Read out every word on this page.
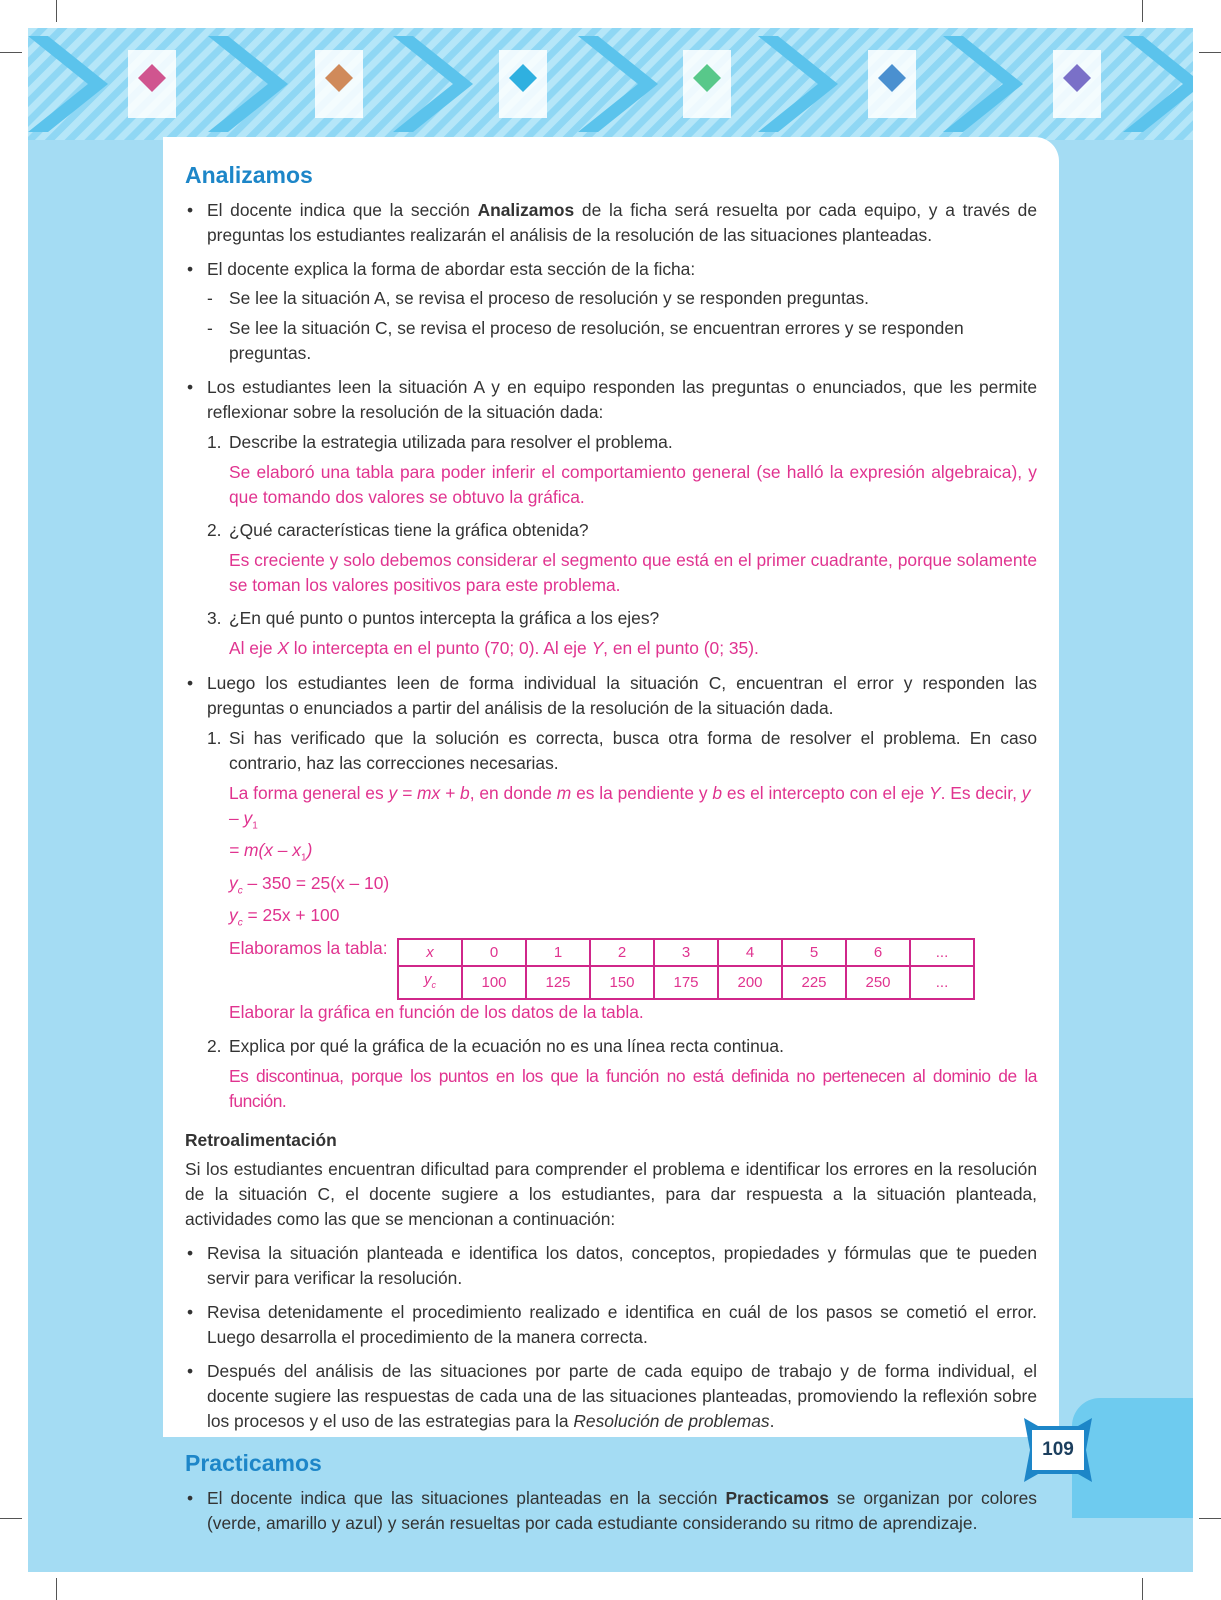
Analizamos

• El docente indica que la sección Analizamos de la ficha será resuelta por cada equipo, y a través de preguntas los estudiantes realizarán el análisis de la resolución de las situaciones planteadas.

• El docente explica la forma de abordar esta sección de la ficha:

- Se lee la situación A, se revisa el proceso de resolución y se responden preguntas.

- Se lee la situación C, se revisa el proceso de resolución, se encuentran errores y se responden preguntas.

• Los estudiantes leen la situación A y en equipo responden las preguntas o enunciados, que les permite reflexionar sobre la resolución de la situación dada:

1. Describe la estrategia utilizada para resolver el problema.

Se elaboró una tabla para poder inferir el comportamiento general (se halló la expresión algebraica), y que tomando dos valores se obtuvo la gráfica.

2. ¿Qué características tiene la gráfica obtenida?

Es creciente y solo debemos considerar el segmento que está en el primer cuadrante, porque solamente se toman los valores positivos para este problema.

3. ¿En qué punto o puntos intercepta la gráfica a los ejes?

Al eje X lo intercepta en el punto (70; 0). Al eje Y, en el punto (0; 35).

• Luego los estudiantes leen de forma individual la situación C, encuentran el error y responden las preguntas o enunciados a partir del análisis de la resolución de la situación dada.

1. Si has verificado que la solución es correcta, busca otra forma de resolver el problema. En caso contrario, haz las correcciones necesarias.

La forma general es y = mx + b, en donde m es la pendiente y b es el intercepto con el eje Y. Es decir, y – $y_1$

= $m(x - x_1)$

$y_c - 350 = 25(x - 10)$

$y_c = 25x + 100$

Elaboramos la tabla:	x	0	1	2	3	4	5	6	...
$y_c$	100	125	150	175	200	225	250	...

Elaborar la gráfica en función de los datos de la tabla.

2. Explica por qué la gráfica de la ecuación no es una línea recta continua.

Es discontinua, porque los puntos en los que la función no está definida no pertenecen al dominio de la función.

Retroalimentación

Si los estudiantes encuentran dificultad para comprender el problema e identificar los errores en la resolución de la situación C, el docente sugiere a los estudiantes, para dar respuesta a la situación planteada, actividades como las que se mencionan a continuación:

• Revisa la situación planteada e identifica los datos, conceptos, propiedades y fórmulas que te pueden servir para verificar la resolución.

• Revisa detenidamente el procedimiento realizado e identifica en cuál de los pasos se cometió el error. Luego desarrolla el procedimiento de la manera correcta.

• Después del análisis de las situaciones por parte de cada equipo de trabajo y de forma individual, el docente sugiere las respuestas de cada una de las situaciones planteadas, promoviendo la reflexión sobre los procesos y el uso de las estrategias para la Resolución de problemas.

Practicamos

• El docente indica que las situaciones planteadas en la sección Practicamos se organizan por colores (verde, amarillo y azul) y serán resueltas por cada estudiante considerando su ritmo de aprendizaje.

109
